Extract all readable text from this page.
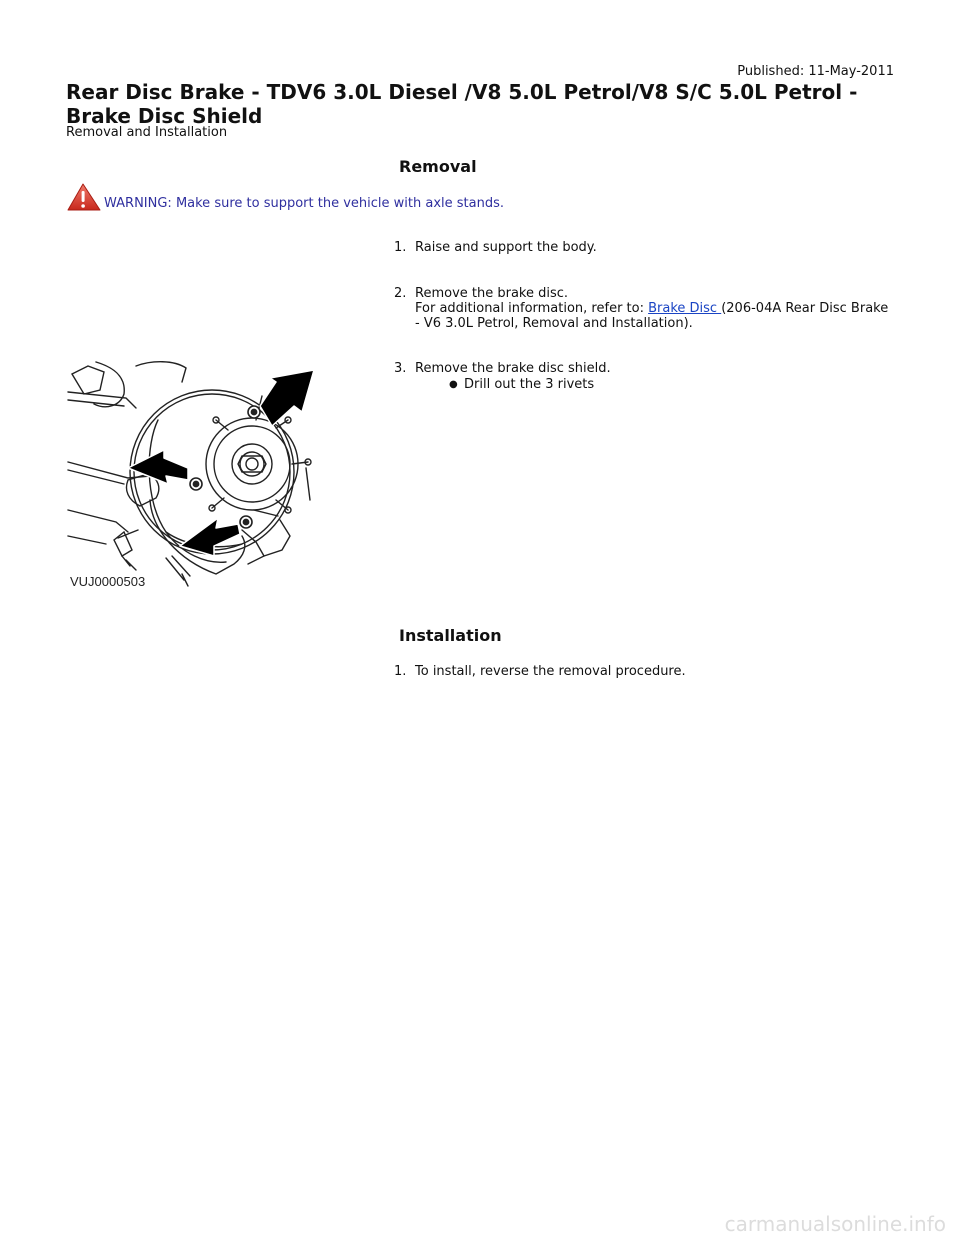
Published: 11-May-2011
Rear Disc Brake - TDV6 3.0L Diesel /V8 5.0L Petrol/V8 S/C 5.0L Petrol - Brake Disc Shield
Removal and Installation
Removal
WARNING: Make sure to support the vehicle with axle stands.
1. Raise and support the body.
2. Remove the brake disc.
For additional information, refer to: Brake Disc (206-04A Rear Disc Brake - V6 3.0L Petrol, Removal and Installation).
3. Remove the brake disc shield.
● Drill out the 3 rivets
VUJ0000503
Installation
1. To install, reverse the removal procedure.
carmanualsonline.info
